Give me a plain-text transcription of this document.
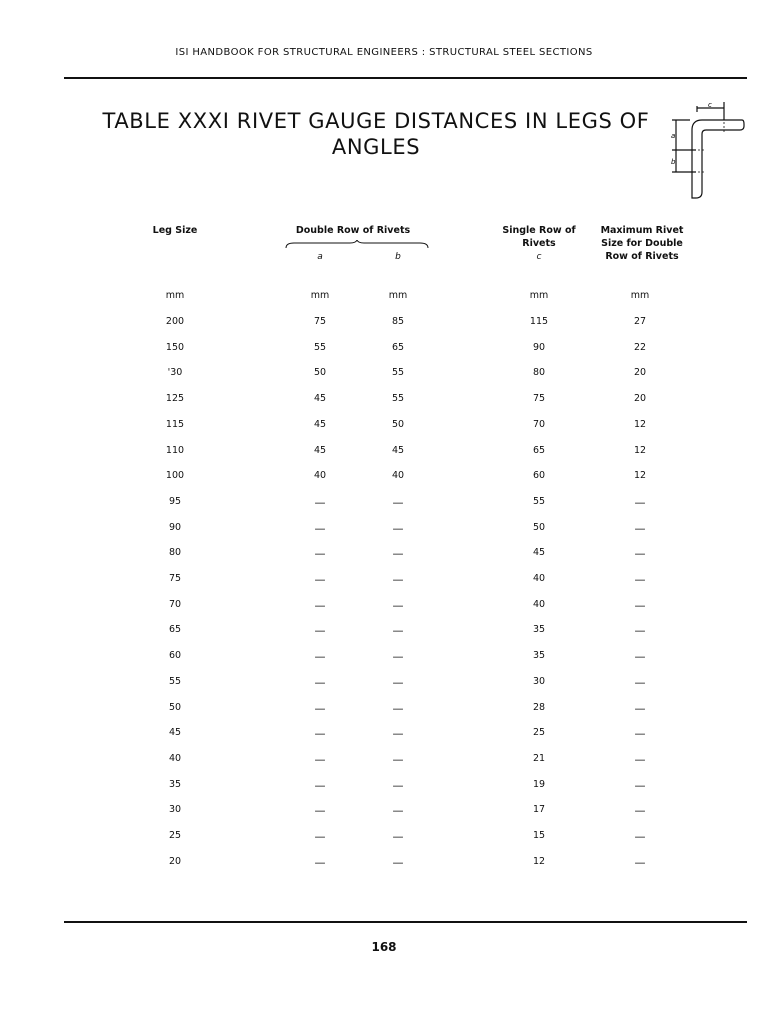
ISI HANDBOOK FOR STRUCTURAL ENGINEERS : STRUCTURAL STEEL SECTIONS
TABLE XXXI RIVET GAUGE DISTANCES IN LEGS OF ANGLES
c
a
b
Leg Size	Double Row of Rivets
a	b
Single Row of Rivets
c
Maximum Rivet Size for Double Row of Rivets
mm	mm	mm	mm	mm
200	75	85	115	27
150	55	65	90	22
'30	50	55	80	20
125	45	55	75	20
115	45	50	70	12
110	45	45	65	12
100	40	40	60	12
95	—	—	55	—
90	—	—	50	—
80	—	—	45	—
75	—	—	40	—
70	—	—	40	—
65	—	—	35	—
60	—	—	35	—
55	—	—	30	—
50	—	—	28	—
45	—	—	25	—
40	—	—	21	—
35	—	—	19	—
30	—	—	17	—
25	—	—	15	—
20	—	—	12	—
168
